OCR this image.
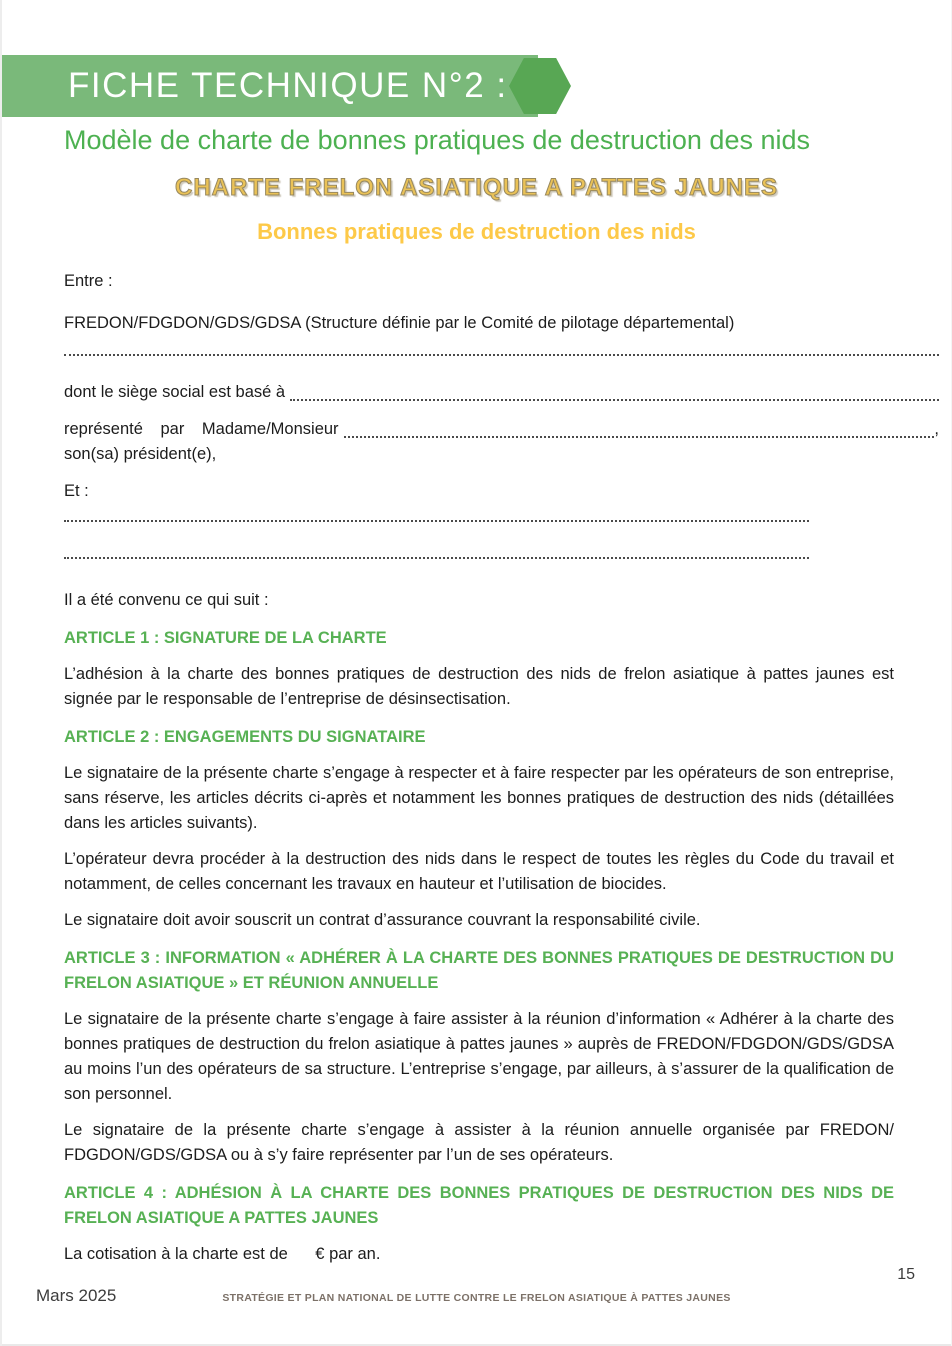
FICHE TECHNIQUE N°2 :
Modèle de charte de bonnes pratiques de destruction des nids
CHARTE FRELON ASIATIQUE A PATTES JAUNES
Bonnes pratiques de destruction des nids

Entre :

FREDON/FDGDON/GDS/GDSA (Structure définie par le Comité de pilotage départemental)

dont le siège social est basé à
représenté par Madame/Monsieur	,

son(sa) président(e),

Et :

Il a été convenu ce qui suit :

ARTICLE 1 : SIGNATURE DE LA CHARTE

L’adhésion à la charte des bonnes pratiques de destruction des nids de frelon asiatique à pattes jaunes est signée par le responsable de l’entreprise de désinsectisation.

ARTICLE 2 : ENGAGEMENTS DU SIGNATAIRE

Le signataire de la présente charte s’engage à respecter et à faire respecter par les opérateurs de son entreprise, sans réserve, les articles décrits ci-après et notamment les bonnes pratiques de destruction des nids (détaillées dans les articles suivants).

L’opérateur devra procéder à la destruction des nids dans le respect de toutes les règles du Code du travail et notamment, de celles concernant les travaux en hauteur et l’utilisation de biocides.

Le signataire doit avoir souscrit un contrat d’assurance couvrant la responsabilité civile.

ARTICLE 3 : INFORMATION « ADHÉRER À LA CHARTE DES BONNES PRATIQUES DE DESTRUCTION DU FRELON ASIATIQUE » ET RÉUNION ANNUELLE

Le signataire de la présente charte s’engage à faire assister à la réunion d’information « Adhérer à la charte des bonnes pratiques de destruction du frelon asiatique à pattes jaunes » auprès de FREDON/FDGDON/GDS/GDSA au moins l’un des opérateurs de sa structure. L’entreprise s’engage, par ailleurs, à s’assurer de la qualification de son personnel.

Le signataire de la présente charte s’engage à assister à la réunion annuelle organisée par FREDON/ FDGDON/GDS/GDSA ou à s’y faire représenter par l’un de ses opérateurs.

ARTICLE 4 : ADHÉSION À LA CHARTE DES BONNES PRATIQUES DE DESTRUCTION DES NIDS DE FRELON ASIATIQUE A PATTES JAUNES

La cotisation à la charte est de      € par an.

Mars 2025	STRATÉGIE ET PLAN NATIONAL DE LUTTE CONTRE LE FRELON ASIATIQUE À PATTES JAUNES
15
